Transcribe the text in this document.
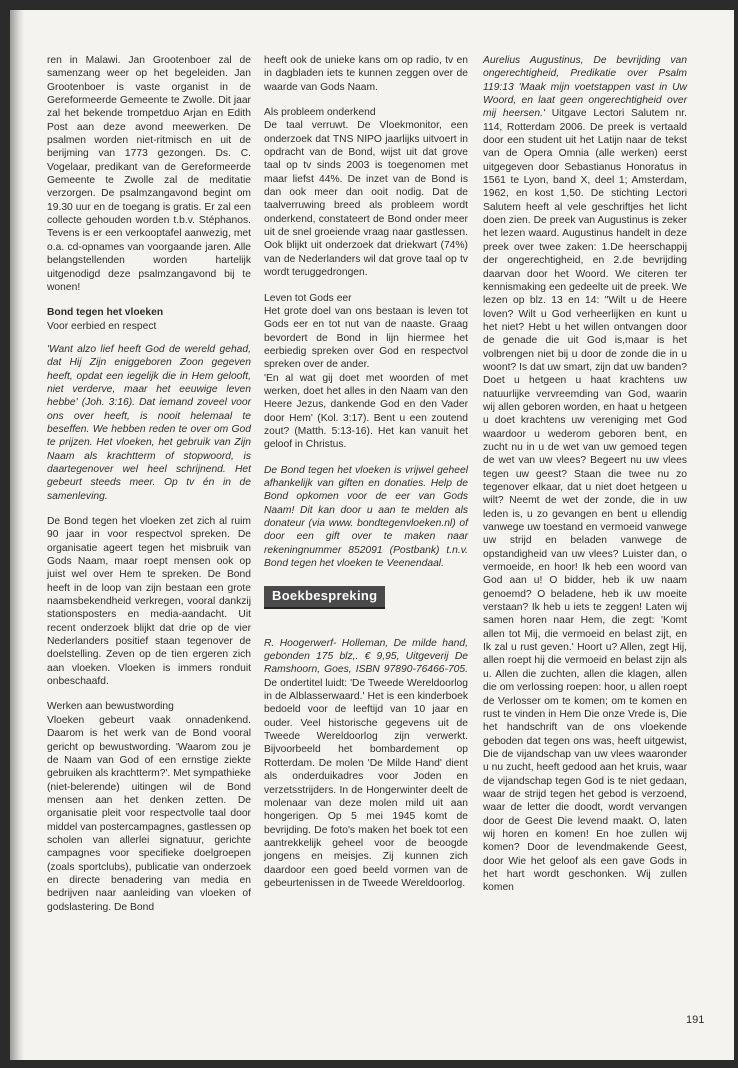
ren in Malawi. Jan Grootenboer zal de samenzang weer op het begeleiden. Jan Grootenboer is vaste organist in de Gereformeerde Gemeente te Zwolle. Dit jaar zal het bekende trompetduo Arjan en Edith Post aan deze avond meewerken. De psalmen worden niet-ritmisch en uit de berijming van 1773 gezongen. Ds. C. Vogelaar, predikant van de Gereformeerde Gemeente te Zwolle zal de meditatie verzorgen. De psalmzangavond begint om 19.30 uur en de toegang is gratis. Er zal een collecte gehouden worden t.b.v. Stéphanos. Tevens is er een verkooptafel aanwezig, met o.a. cd-opnames van voorgaande jaren. Alle belangstellenden worden hartelijk uitgenodigd deze psalmzangavond bij te wonen!

Bond tegen het vloeken
Voor eerbied en respect

'Want alzo lief heeft God de wereld gehad, dat Hij Zijn eniggeboren Zoon gegeven heeft, opdat een iegelijk die in Hem gelooft, niet verderve, maar het eeuwige leven hebbe' (Joh. 3:16). Dat iemand zoveel voor ons over heeft, is nooit helemaal te beseffen. We hebben reden te over om God te prijzen. Het vloeken, het gebruik van Zijn Naam als krachtterm of stopwoord, is daartegenover wel heel schrijnend. Het gebeurt steeds meer. Op tv én in de samenleving.

De Bond tegen het vloeken zet zich al ruim 90 jaar in voor respectvol spreken. De organisatie ageert tegen het misbruik van Gods Naam, maar roept mensen ook op juist wel over Hem te spreken. De Bond heeft in de loop van zijn bestaan een grote naamsbekendheid verkregen, vooral dankzij stationsposters en media-aandacht. Uit recent onderzoek blijkt dat drie op de vier Nederlanders positief staan tegenover de doelstelling. Zeven op de tien ergeren zich aan vloeken. Vloeken is immers ronduit onbeschaafd.

Werken aan bewustwording

Vloeken gebeurt vaak onnadenkend. Daarom is het werk van de Bond vooral gericht op bewustwording. 'Waarom zou je de Naam van God of een ernstige ziekte gebruiken als krachtterm?'. Met sympathieke (niet-belerende) uitingen wil de Bond mensen aan het denken zetten. De organisatie pleit voor respectvolle taal door middel van postercampagnes, gastlessen op scholen van allerlei signatuur, gerichte campagnes voor specifieke doelgroepen (zoals sportclubs), publicatie van onderzoek en directe benadering van media en bedrijven naar aanleiding van vloeken of godslastering. De Bond

heeft ook de unieke kans om op radio, tv en in dagbladen iets te kunnen zeggen over de waarde van Gods Naam.

Als probleem onderkend

De taal verruwt. De Vloekmonitor, een onderzoek dat TNS NIPO jaarlijks uitvoert in opdracht van de Bond, wijst uit dat grove taal op tv sinds 2003 is toegenomen met maar liefst 44%. De inzet van de Bond is dan ook meer dan ooit nodig. Dat de taalverruwing breed als probleem wordt onderkend, constateert de Bond onder meer uit de snel groeiende vraag naar gastlessen. Ook blijkt uit onderzoek dat driekwart (74%) van de Nederlanders wil dat grove taal op tv wordt teruggedrongen.

Leven tot Gods eer
Het grote doel van ons bestaan is leven tot Gods eer en tot nut van de naaste. Graag bevordert de Bond in lijn hiermee het eerbiedig spreken over God en respectvol spreken over de ander.

'En al wat gij doet met woorden of met werken, doet het alles in den Naam van den Heere Jezus, dankende God en den Vader door Hem' (Kol. 3:17). Bent u een zoutend zout? (Matth. 5:13-16). Het kan vanuit het geloof in Christus.

De Bond tegen het vloeken is vrijwel geheel afhankelijk van giften en donaties. Help de Bond opkomen voor de eer van Gods Naam! Dit kan door u aan te melden als donateur (via www. bondtegenvloeken.nl) of door een gift over te maken naar rekeningnummer 852091 (Postbank) t.n.v. Bond tegen het vloeken te Veenendaal.

Boekbespreking

R. Hoogerwerf- Holleman, De milde hand, gebonden 175 blz,. € 9,95, Uitgeverij De Ramshoorn, Goes, ISBN 97890-76466-705. De ondertitel luidt: 'De Tweede Wereldoorlog in de Alblasserwaard.' Het is een kinderboek bedoeld voor de leeftijd van 10 jaar en ouder. Veel historische gegevens uit de Tweede Wereldoorlog zijn verwerkt. Bijvoorbeeld het bombardement op Rotterdam. De molen 'De Milde Hand' dient als onderduikadres voor Joden en verzetsstrijders. In de Hongerwinter deelt de molenaar van deze molen mild uit aan hongerigen. Op 5 mei 1945 komt de bevrijding. De foto's maken het boek tot een aantrekkelijk geheel voor de beoogde jongens en meisjes. Zij kunnen zich daardoor een goed beeld vormen van de gebeurtenissen in de Tweede Wereldoorlog.

Aurelius Augustinus, De bevrijding van ongerechtigheid, Predikatie over Psalm 119:13 'Maak mijn voetstappen vast in Uw Woord, en laat geen ongerechtigheid over mij heersen.' Uitgave Lectori Salutem nr. 114, Rotterdam 2006. De preek is vertaald door een student uit het Latijn naar de tekst van de Opera Omnia (alle werken) eerst uitgegeven door Sebastianus Honoratus in 1561 te Lyon, band X, deel 1; Amsterdam, 1962, en kost 1,50. De stichting Lectori Salutem heeft al vele geschriftjes het licht doen zien. De preek van Augustinus is zeker het lezen waard. Augustinus handelt in deze preek over twee zaken: 1.De heerschappij der ongerechtigheid, en 2.de bevrijding daarvan door het Woord. We citeren ter kennismaking een gedeelte uit de preek. We lezen op blz. 13 en 14: "Wilt u de Heere loven? Wilt u God verheerlijken en kunt u het niet? Hebt u het willen ontvangen door de genade die uit God is,maar is het volbrengen niet bij u door de zonde die in u woont? Is dat uw smart, zijn dat uw banden? Doet u hetgeen u haat krachtens uw natuurlijke vervreemding van God, waarin wij allen geboren worden, en haat u hetgeen u doet krachtens uw vereniging met God waardoor u wederom geboren bent, en zucht nu in u de wet van uw gemoed tegen de wet van uw vlees? Begeert nu uw vlees tegen uw geest? Staan die twee nu zo tegenover elkaar, dat u niet doet hetgeen u wilt? Neemt de wet der zonde, die in uw leden is, u zo gevangen en bent u ellendig vanwege uw toestand en vermoeid vanwege uw strijd en beladen vanwege de opstandigheid van uw vlees? Luister dan, o vermoeide, en hoor! Ik heb een woord van God aan u! O bidder, heb ik uw naam genoemd? O beladene, heb ik uw moeite verstaan? Ik heb u iets te zeggen! Laten wij samen horen naar Hem, die zegt: 'Komt allen tot Mij, die vermoeid en belast zijt, en Ik zal u rust geven.' Hoort u? Allen, zegt Hij, allen roept hij die vermoeid en belast zijn als u. Allen die zuchten, allen die klagen, allen die om verlossing roepen: hoor, u allen roept de Verlosser om te komen; om te komen en rust te vinden in Hem Die onze Vrede is, Die het handschrift van de ons vloekende geboden dat tegen ons was, heeft uitgewist, Die de vijandschap van uw vlees waaronder u nu zucht, heeft gedood aan het kruis, waar de vijandschap tegen God is te niet gedaan, waar de strijd tegen het gebod is verzoend, waar de letter die doodt, wordt vervangen door de Geest Die levend maakt. O, laten wij horen en komen! En hoe zullen wij komen? Door de levendmakende Geest, door Wie het geloof als een gave Gods in het hart wordt geschonken. Wij zullen komen

191
